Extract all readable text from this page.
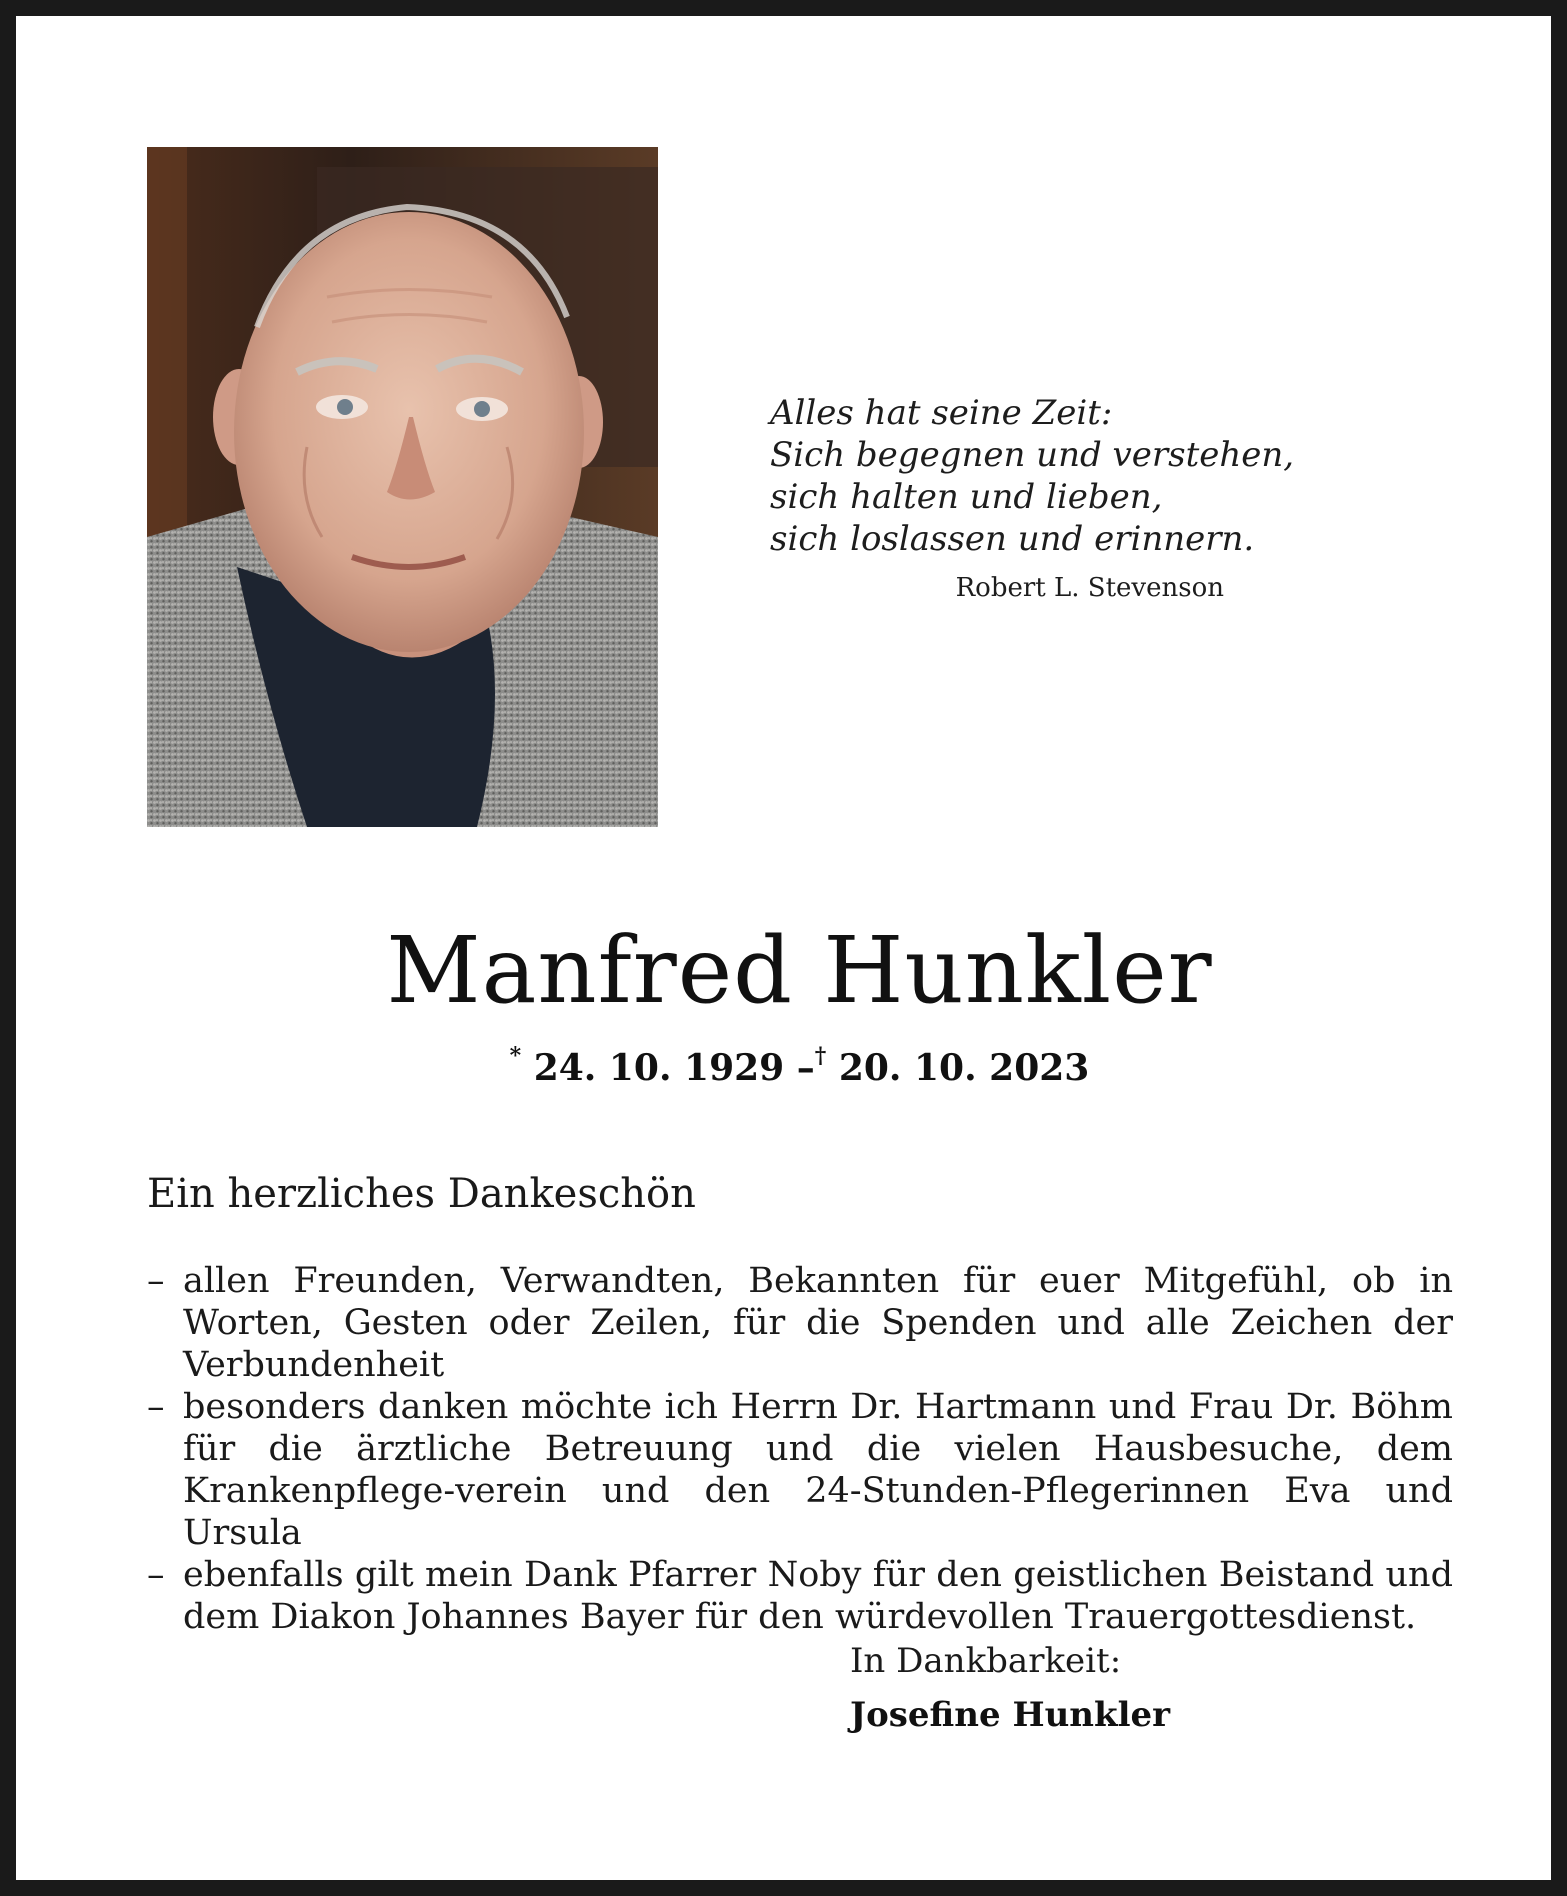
Alles hat seine Zeit:
Sich begegnen und verstehen,
sich halten und lieben,
sich loslassen und erinnern.
Robert L. Stevenson
Manfred Hunkler
* 24. 10. 1929 –† 20. 10. 2023
Ein herzliches Dankeschön
– allen Freunden, Verwandten, Bekannten für euer Mitgefühl, ob in Worten, Gesten oder Zeilen, für die Spenden und alle Zeichen der Verbundenheit
– besonders danken möchte ich Herrn Dr. Hartmann und Frau Dr. Böhm für die ärztliche Betreuung und die vielen Hausbesuche, dem Krankenpflege-verein und den 24-Stunden-Pflegerinnen Eva und Ursula
– ebenfalls gilt mein Dank Pfarrer Noby für den geistlichen Beistand und dem Diakon Johannes Bayer für den würdevollen Trauergottesdienst.
In Dankbarkeit:
Josefine Hunkler
